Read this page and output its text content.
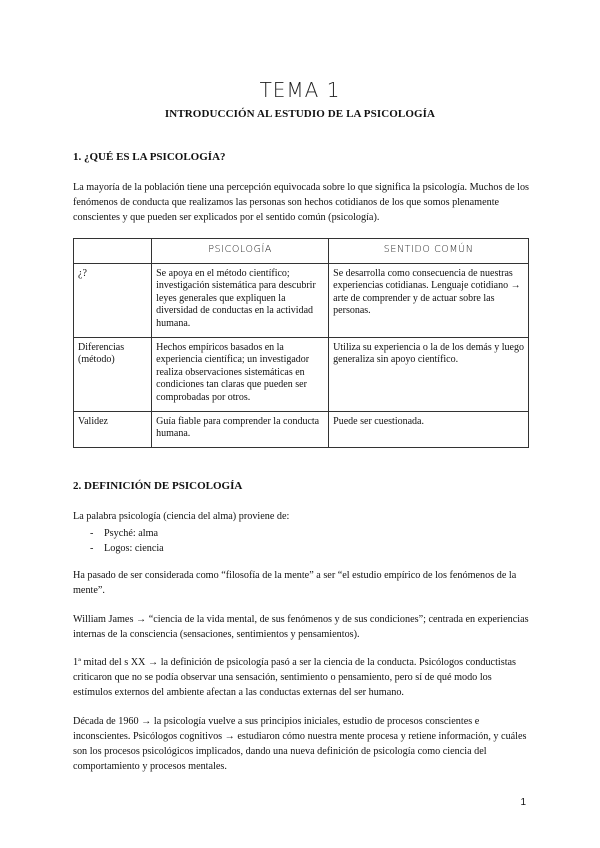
TEMA 1
INTRODUCCIÓN AL ESTUDIO DE LA PSICOLOGÍA
1. ¿QUÉ ES LA PSICOLOGÍA?
La mayoría de la población tiene una percepción equivocada sobre lo que significa la psicología. Muchos de los fenómenos de conducta que realizamos las personas son hechos cotidianos de los que somos plenamente conscientes y que pueden ser explicados por el sentido común (psicología).
	PSICOLOGÍA	SENTIDO COMÚN
¿?	Se apoya en el método científico; investigación sistemática para descubrir leyes generales que expliquen la diversidad de conductas en la actividad humana.	Se desarrolla como consecuencia de nuestras experiencias cotidianas. Lenguaje cotidiano → arte de comprender y de actuar sobre las personas.
Diferencias (método)	Hechos empíricos basados en la experiencia científica; un investigador realiza observaciones sistemáticas en condiciones tan claras que pueden ser comprobadas por otros.	Utiliza su experiencia o la de los demás y luego generaliza sin apoyo científico.
Validez	Guía fiable para comprender la conducta humana.	Puede ser cuestionada.
2. DEFINICIÓN DE PSICOLOGÍA
La palabra psicología (ciencia del alma) proviene de:
- Psyché: alma
- Logos: ciencia
Ha pasado de ser considerada como “filosofía de la mente” a ser “el estudio empírico de los fenómenos de la mente”.
William James → “ciencia de la vida mental, de sus fenómenos y de sus condiciones”; centrada en experiencias internas de la consciencia (sensaciones, sentimientos y pensamientos).
1ª mitad del s XX → la definición de psicología pasó a ser la ciencia de la conducta. Psicólogos conductistas criticaron que no se podía observar una sensación, sentimiento o pensamiento, pero sí de qué modo los estímulos externos del ambiente afectan a las conductas externas del ser humano.
Década de 1960 → la psicología vuelve a sus principios iniciales, estudio de procesos conscientes e inconscientes. Psicólogos cognitivos → estudiaron cómo nuestra mente procesa y retiene información, y cuáles son los procesos psicológicos implicados, dando una nueva definición de psicología como ciencia del comportamiento y procesos mentales.
1
